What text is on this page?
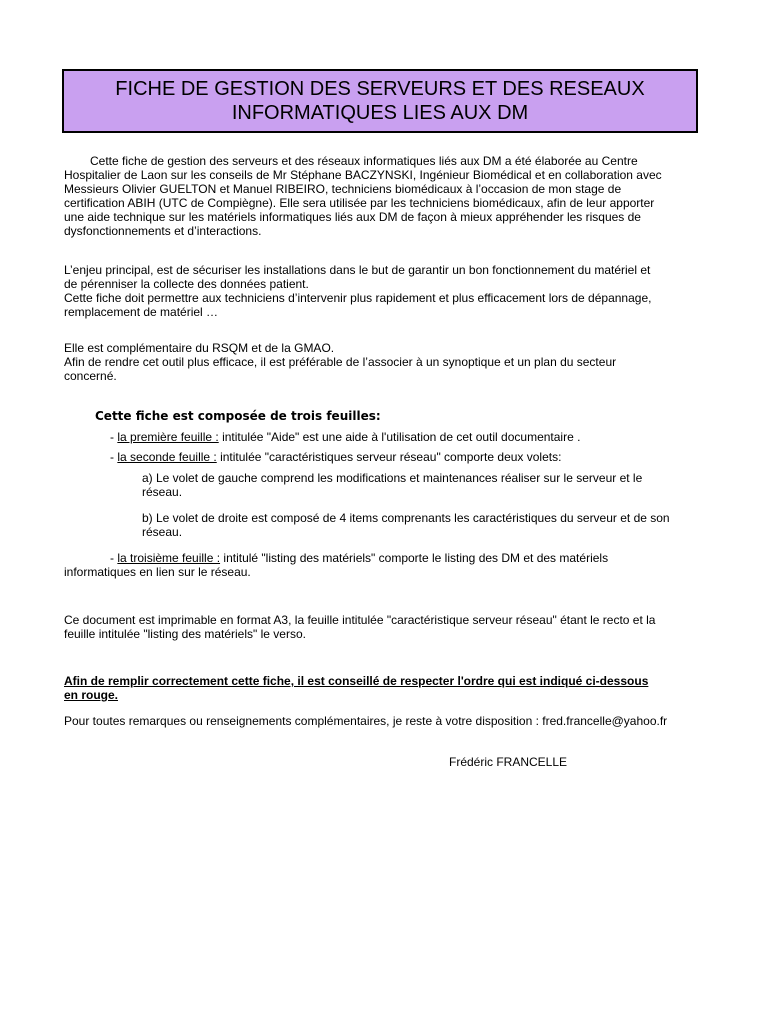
FICHE DE GESTION DES SERVEURS ET DES RESEAUX
INFORMATIQUES LIES AUX DM
Cette fiche de gestion des serveurs et des réseaux informatiques liés aux DM a été élaborée au Centre
Hospitalier de Laon sur les conseils de Mr Stéphane BACZYNSKI, Ingénieur Biomédical et en collaboration avec
Messieurs Olivier GUELTON et Manuel RIBEIRO, techniciens biomédicaux à l’occasion de mon stage de
certification ABIH (UTC de Compiègne). Elle sera utilisée par les techniciens biomédicaux, afin de leur apporter
une aide technique sur les matériels informatiques liés aux DM de façon à mieux appréhender les risques de
dysfonctionnements et d’interactions.
L’enjeu principal, est de sécuriser les installations dans le but de garantir un bon fonctionnement du matériel et
de pérenniser la collecte des données patient.
Cette fiche doit permettre aux techniciens d’intervenir plus rapidement et plus efficacement lors de dépannage,
remplacement de matériel …
Elle est complémentaire du RSQM et de la GMAO.
Afin de rendre cet outil plus efficace, il est préférable de l’associer à un synoptique et un plan du secteur
concerné.
Cette fiche est composée de trois feuilles:
- la première feuille : intitulée "Aide" est une aide à l'utilisation de cet outil documentaire .
- la seconde feuille : intitulée "caractéristiques serveur réseau" comporte deux volets:
a) Le volet de gauche comprend les modifications et maintenances réaliser sur le serveur et le
réseau.
b) Le volet de droite est composé de 4 items comprenants les caractéristiques du serveur et de son
réseau.
- la troisième feuille : intitulé "listing des matériels" comporte le listing des DM et des matériels
informatiques en lien sur le réseau.
Ce document est imprimable en format A3, la feuille intitulée "caractéristique serveur réseau" étant le recto et la
feuille intitulée "listing des matériels" le verso.
Afin de remplir correctement cette fiche, il est conseillé de respecter l'ordre qui est indiqué ci-dessous
en rouge.
Pour toutes remarques ou renseignements complémentaires, je reste à votre disposition : fred.francelle@yahoo.fr
Frédéric FRANCELLE
